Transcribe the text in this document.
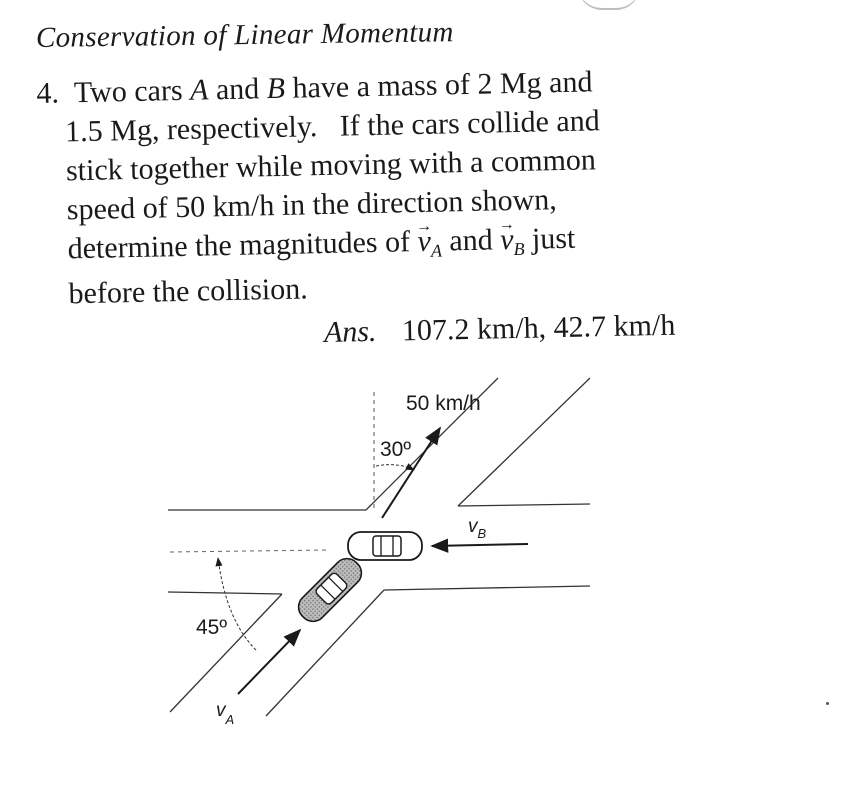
Conservation of Linear Momentum
4. Two cars A and B have a mass of 2 Mg and
1.5 Mg, respectively. If the cars collide and
stick together while moving with a common
speed of 50 km/h in the direction shown,
determine the magnitudes of → $v_A$ and → $v_B$ just
before the collision.
Ans. 107.2 km/h, 42.7 km/h
50 km/h
30º
$v_B$
$v_A$
45º
